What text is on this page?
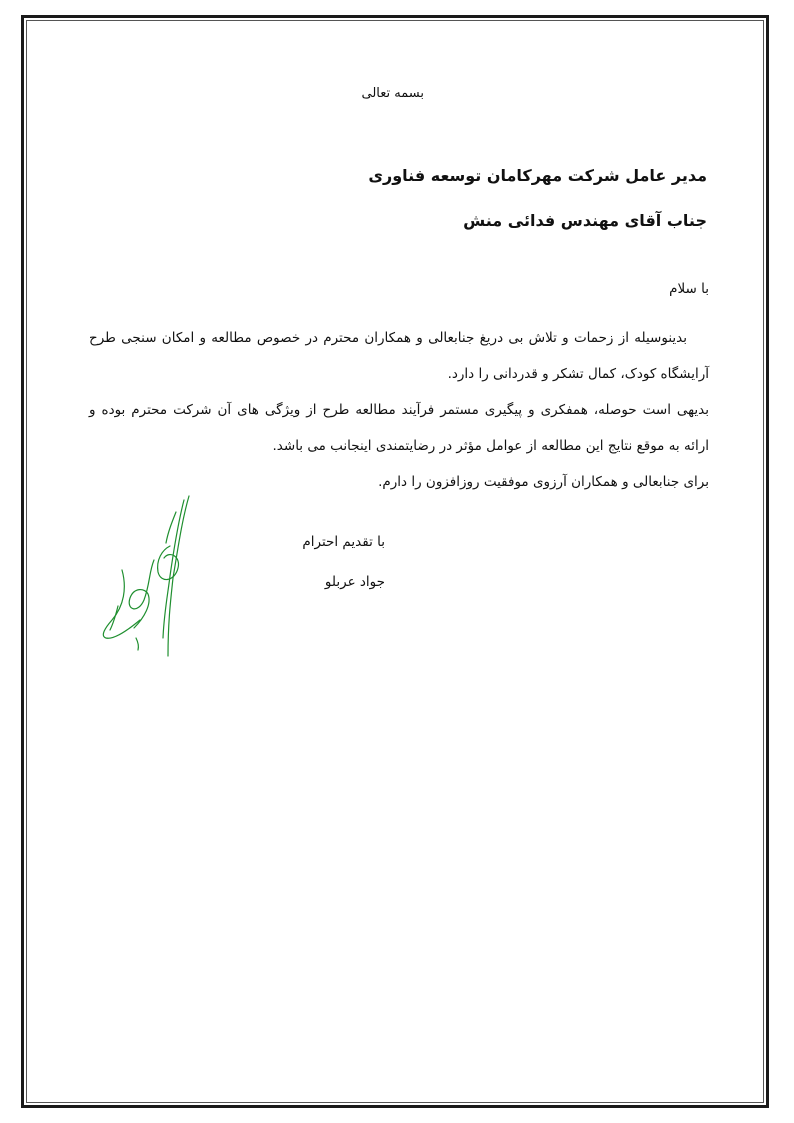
بسمه تعالی
مدیر عامل شرکت مهرکامان توسعه فناوری
جناب آقای مهندس فدائی منش
با سلام

بدینوسیله از زحمات و تلاش بی دریغ جنابعالی و همکاران محترم در خصوص مطالعه و امکان سنجی طرح آرایشگاه کودک، کمال تشکر و قدردانی را دارد.

بدیهی است حوصله، همفکری و پیگیری مستمر فرآیند مطالعه طرح از ویژگی های آن شرکت محترم بوده و ارائه به موقع نتایج این مطالعه از عوامل مؤثر در رضایتمندی اینجانب می باشد.

برای جنابعالی و همکاران آرزوی موفقیت روزافزون را دارم.

با تقدیم احترام
جواد عربلو
